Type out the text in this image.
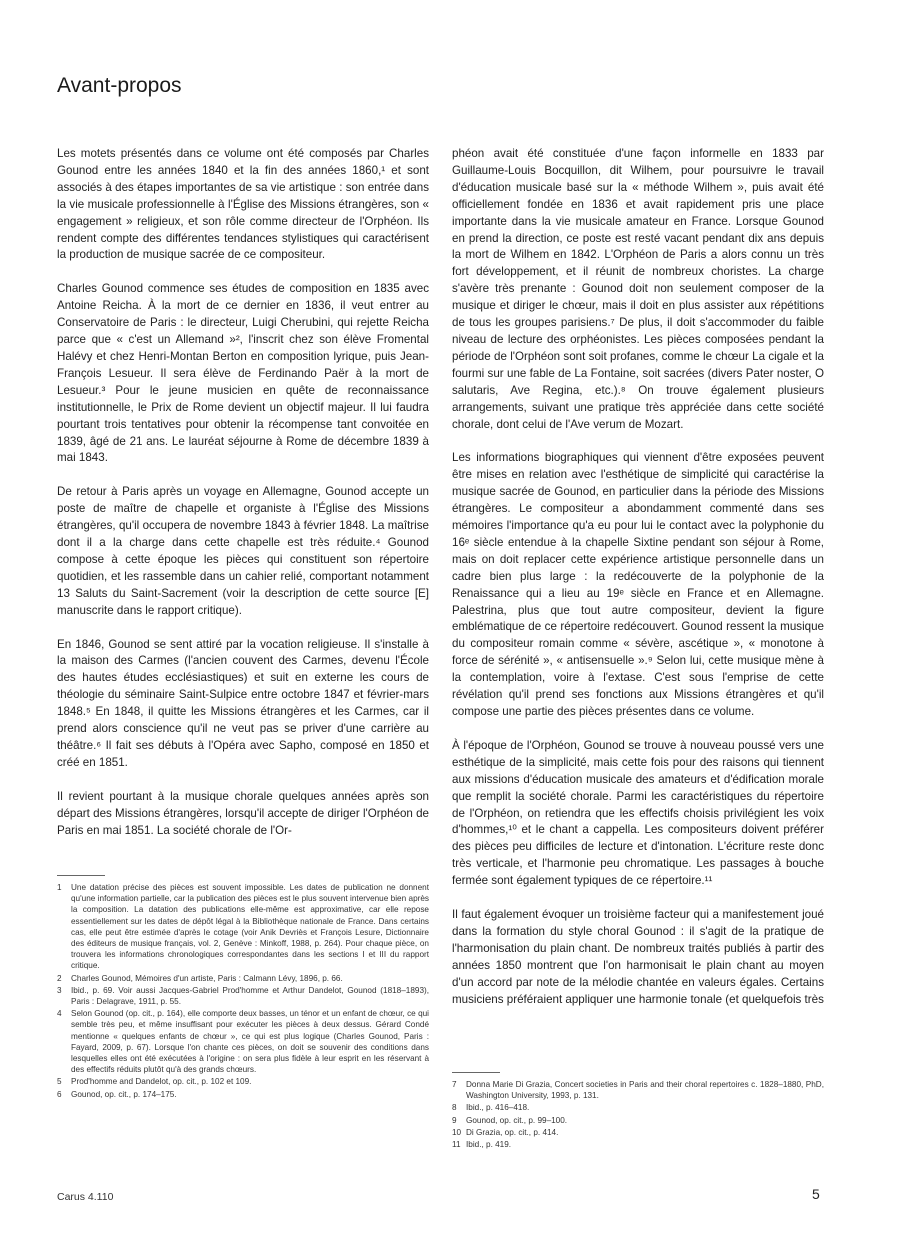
Avant-propos

Les motets présentés dans ce volume ont été composés par Charles Gounod entre les années 1840 et la fin des années 1860,¹ et sont associés à des étapes importantes de sa vie artistique : son entrée dans la vie musicale professionnelle à l'Église des Missions étrangères, son « engagement » religieux, et son rôle comme directeur de l'Orphéon. Ils rendent compte des différentes tendances stylistiques qui caractérisent la production de musique sacrée de ce compositeur.

Charles Gounod commence ses études de composition en 1835 avec Antoine Reicha. À la mort de ce dernier en 1836, il veut entrer au Conservatoire de Paris : le directeur, Luigi Cherubini, qui rejette Reicha parce que « c'est un Allemand »², l'inscrit chez son élève Fromental Halévy et chez Henri-Montan Berton en composition lyrique, puis Jean-François Lesueur. Il sera élève de Ferdinando Paër à la mort de Lesueur.³ Pour le jeune musicien en quête de reconnaissance institutionnelle, le Prix de Rome devient un objectif majeur. Il lui faudra pourtant trois tentatives pour obtenir la récompense tant convoitée en 1839, âgé de 21 ans. Le lauréat séjourne à Rome de décembre 1839 à mai 1843.

De retour à Paris après un voyage en Allemagne, Gounod accepte un poste de maître de chapelle et organiste à l'Église des Missions étrangères, qu'il occupera de novembre 1843 à février 1848. La maîtrise dont il a la charge dans cette chapelle est très réduite.⁴ Gounod compose à cette époque les pièces qui constituent son répertoire quotidien, et les rassemble dans un cahier relié, comportant notamment 13 Saluts du Saint-Sacrement (voir la description de cette source [E] manuscrite dans le rapport critique).

En 1846, Gounod se sent attiré par la vocation religieuse. Il s'installe à la maison des Carmes (l'ancien couvent des Carmes, devenu l'École des hautes études ecclésiastiques) et suit en externe les cours de théologie du séminaire Saint-Sulpice entre octobre 1847 et février-mars 1848.⁵ En 1848, il quitte les Missions étrangères et les Carmes, car il prend alors conscience qu'il ne veut pas se priver d'une carrière au théâtre.⁶ Il fait ses débuts à l'Opéra avec Sapho, composé en 1850 et créé en 1851.

Il revient pourtant à la musique chorale quelques années après son départ des Missions étrangères, lorsqu'il accepte de diriger l'Orphéon de Paris en mai 1851. La société chorale de l'Or-

phéon avait été constituée d'une façon informelle en 1833 par Guillaume-Louis Bocquillon, dit Wilhem, pour poursuivre le travail d'éducation musicale basé sur la « méthode Wilhem », puis avait été officiellement fondée en 1836 et avait rapidement pris une place importante dans la vie musicale amateur en France. Lorsque Gounod en prend la direction, ce poste est resté vacant pendant dix ans depuis la mort de Wilhem en 1842. L'Orphéon de Paris a alors connu un très fort développement, et il réunit de nombreux choristes. La charge s'avère très prenante : Gounod doit non seulement composer de la musique et diriger le chœur, mais il doit en plus assister aux répétitions de tous les groupes parisiens.⁷ De plus, il doit s'accommoder du faible niveau de lecture des orphéonistes. Les pièces composées pendant la période de l'Orphéon sont soit profanes, comme le chœur La cigale et la fourmi sur une fable de La Fontaine, soit sacrées (divers Pater noster, O salutaris, Ave Regina, etc.).⁸ On trouve également plusieurs arrangements, suivant une pratique très appréciée dans cette société chorale, dont celui de l'Ave verum de Mozart.

Les informations biographiques qui viennent d'être exposées peuvent être mises en relation avec l'esthétique de simplicité qui caractérise la musique sacrée de Gounod, en particulier dans la période des Missions étrangères. Le compositeur a abondamment commenté dans ses mémoires l'importance qu'a eu pour lui le contact avec la polyphonie du 16ᵉ siècle entendue à la chapelle Sixtine pendant son séjour à Rome, mais on doit replacer cette expérience artistique personnelle dans un cadre bien plus large : la redécouverte de la polyphonie de la Renaissance qui a lieu au 19ᵉ siècle en France et en Allemagne. Palestrina, plus que tout autre compositeur, devient la figure emblématique de ce répertoire redécouvert. Gounod ressent la musique du compositeur romain comme « sévère, ascétique », « monotone à force de sérénité », « antisensuelle ».⁹ Selon lui, cette musique mène à la contemplation, voire à l'extase. C'est sous l'emprise de cette révélation qu'il prend ses fonctions aux Missions étrangères et qu'il compose une partie des pièces présentes dans ce volume.

À l'époque de l'Orphéon, Gounod se trouve à nouveau poussé vers une esthétique de la simplicité, mais cette fois pour des raisons qui tiennent aux missions d'éducation musicale des amateurs et d'édification morale que remplit la société chorale. Parmi les caractéristiques du répertoire de l'Orphéon, on retiendra que les effectifs choisis privilégient les voix d'hommes,¹⁰ et le chant a cappella. Les compositeurs doivent préférer des pièces peu difficiles de lecture et d'intonation. L'écriture reste donc très verticale, et l'harmonie peu chromatique. Les passages à bouche fermée sont également typiques de ce répertoire.¹¹

Il faut également évoquer un troisième facteur qui a manifestement joué dans la formation du style choral Gounod : il s'agit de la pratique de l'harmonisation du plain chant. De nombreux traités publiés à partir des années 1850 montrent que l'on harmonisait le plain chant au moyen d'un accord par note de la mélodie chantée en valeurs égales. Certains musiciens préféraient appliquer une harmonie tonale (et quelquefois très

1	Une datation précise des pièces est souvent impossible. Les dates de publication ne donnent qu'une information partielle, car la publication des pièces est le plus souvent intervenue bien après la composition. La datation des publications elle-même est approximative, car elle repose essentiellement sur les dates de dépôt légal à la Bibliothèque nationale de France. Dans certains cas, elle peut être estimée d'après le cotage (voir Anik Devriès et François Lesure, Dictionnaire des éditeurs de musique français, vol. 2, Genève : Minkoff, 1988, p. 264). Pour chaque pièce, on trouvera les informations chronologiques correspondantes dans les sections I et III du rapport critique.
2	Charles Gounod, Mémoires d'un artiste, Paris : Calmann Lévy, 1896, p. 66.
3	Ibid., p. 69. Voir aussi Jacques-Gabriel Prod'homme et Arthur Dandelot, Gounod (1818–1893), Paris : Delagrave, 1911, p. 55.
4	Selon Gounod (op. cit., p. 164), elle comporte deux basses, un ténor et un enfant de chœur, ce qui semble très peu, et même insuffisant pour exécuter les pièces à deux dessus. Gérard Condé mentionne « quelques enfants de chœur », ce qui est plus logique (Charles Gounod, Paris : Fayard, 2009, p. 67). Lorsque l'on chante ces pièces, on doit se souvenir des conditions dans lesquelles elles ont été exécutées à l'origine : on sera plus fidèle à leur esprit en les réservant à des effectifs réduits plutôt qu'à des grands chœurs.
5	Prod'homme and Dandelot, op. cit., p. 102 et 109.
6	Gounod, op. cit., p. 174–175.
7	Donna Marie Di Grazia, Concert societies in Paris and their choral repertoires c. 1828–1880, PhD, Washington University, 1993, p. 131.
8	Ibid., p. 416–418.
9	Gounod, op. cit., p. 99–100.
10 Di Grazia, op. cit., p. 414.
11 Ibid., p. 419.
Carus 4.110	5
